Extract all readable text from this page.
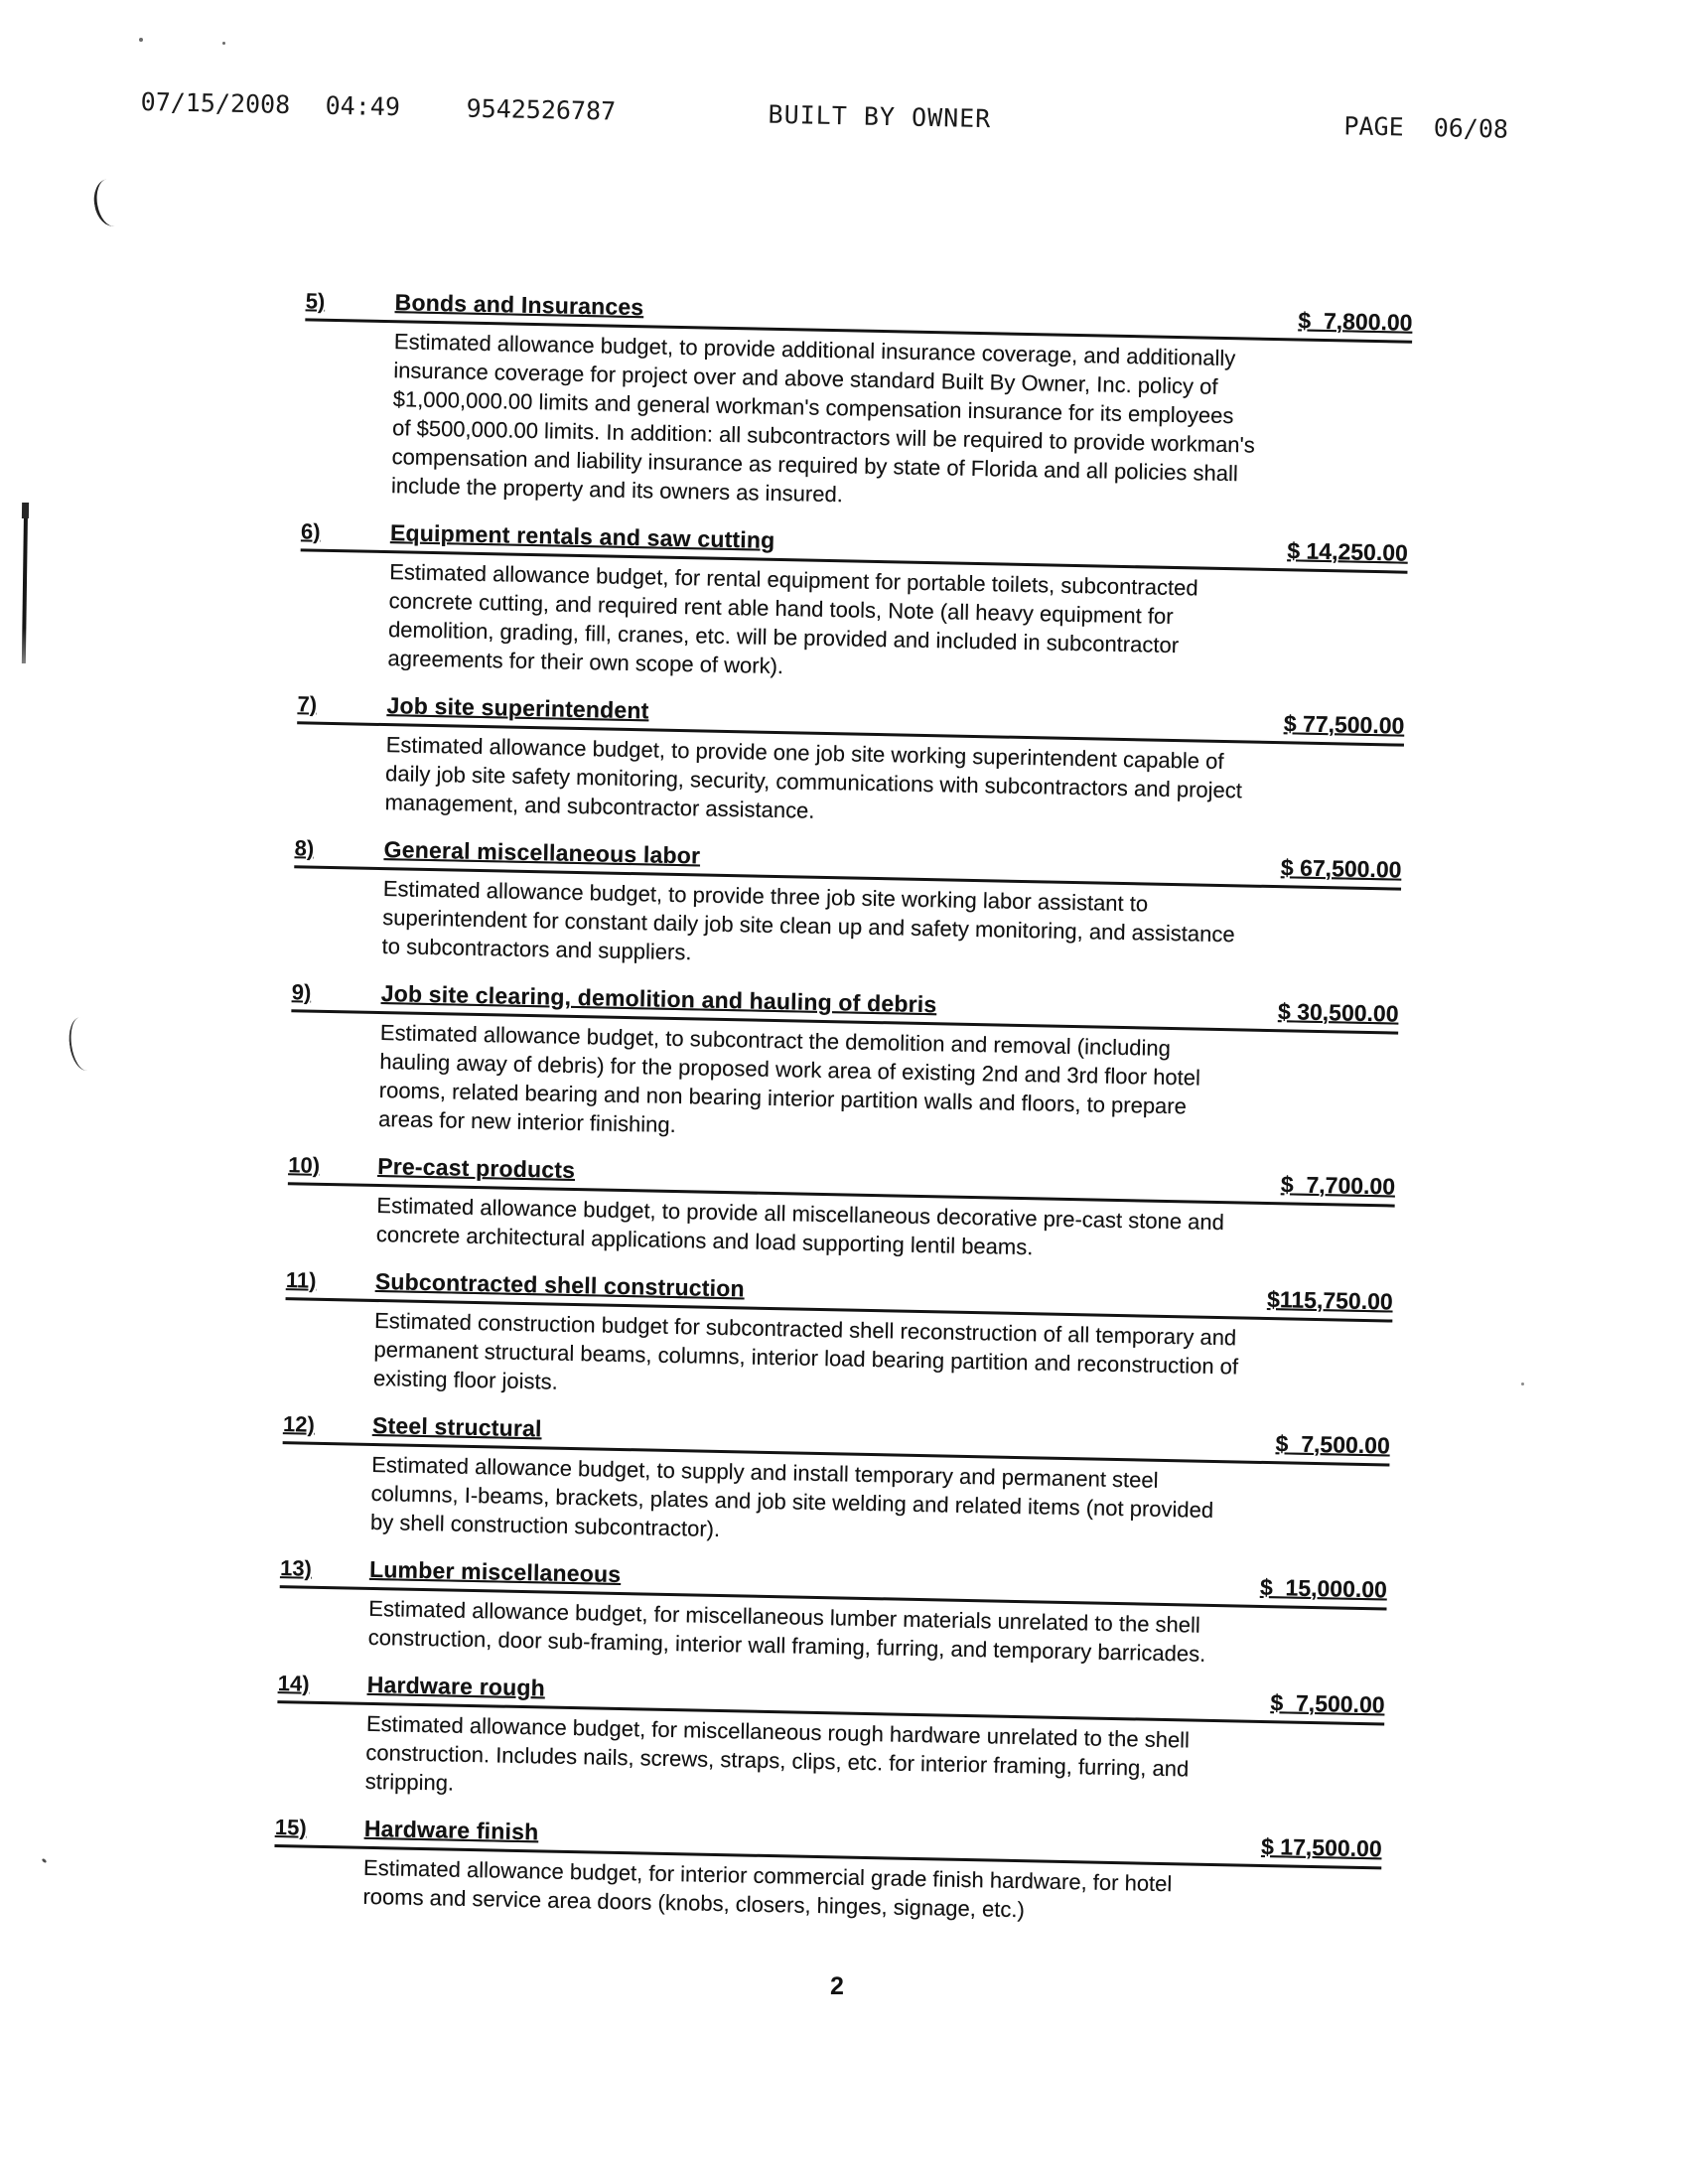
07/15/2008

04:49

	9542526787

	BUILT BY OWNER

	PAGE  06/08

5)	Bonds and Insurances
$  7,800.00

Estimated allowance budget, to provide additional insurance coverage, and additionally
insurance coverage for project over and above standard Built By Owner, Inc. policy of
$1,000,000.00 limits and general workman's compensation insurance for its employees
of $500,000.00 limits. In addition: all subcontractors will be required to provide workman's
compensation and liability insurance as required by state of Florida and all policies shall
include the property and its owners as insured.

6)	Equipment rentals and saw cutting	$ 14,250.00

Estimated allowance budget, for rental equipment for portable toilets, subcontracted
concrete cutting, and required rent able hand tools, Note (all heavy equipment for
demolition, grading, fill, cranes, etc. will be provided and included in subcontractor
agreements for their own scope of work).

7)	Job site superintendent
$ 77,500.00

Estimated allowance budget, to provide one job site working superintendent capable of
daily job site safety monitoring, security, communications with subcontractors and project
management, and subcontractor assistance.

8)	General miscellaneous labor	$ 67,500.00

Estimated allowance budget, to provide three job site working labor assistant to
superintendent for constant daily job site clean up and safety monitoring, and assistance
to subcontractors and suppliers.

9)	Job site clearing, demolition and hauling of debris	$ 30,500.00

Estimated allowance budget, to subcontract the demolition and removal (including
hauling away of debris) for the proposed work area of existing 2nd and 3rd floor hotel
rooms, related bearing and non bearing interior partition walls and floors, to prepare
areas for new interior finishing.

10)	Pre-cast products
$  7,700.00

Estimated allowance budget, to provide all miscellaneous decorative pre-cast stone and
concrete architectural applications and load supporting lentil beams.

11)	Subcontracted shell construction	$115,750.00

Estimated construction budget for subcontracted shell reconstruction of all temporary and
permanent structural beams, columns, interior load bearing partition and reconstruction of
existing floor joists.

12)	Steel structural
$  7,500.00

Estimated allowance budget, to supply and install temporary and permanent steel
columns, I-beams, brackets, plates and job site welding and related items (not provided
by shell construction subcontractor).

13)	Lumber miscellaneous
$  15,000.00

Estimated allowance budget, for miscellaneous lumber materials unrelated to the shell
construction, door sub-framing, interior wall framing, furring, and temporary barricades.

14)	Hardware rough
$  7,500.00

Estimated allowance budget, for miscellaneous rough hardware unrelated to the shell
construction. Includes nails, screws, straps, clips, etc. for interior framing, furring, and
stripping.

15)	Hardware finish
$ 17,500.00

Estimated allowance budget, for interior commercial grade finish hardware, for hotel
rooms and service area doors (knobs, closers, hinges, signage, etc.)

2
